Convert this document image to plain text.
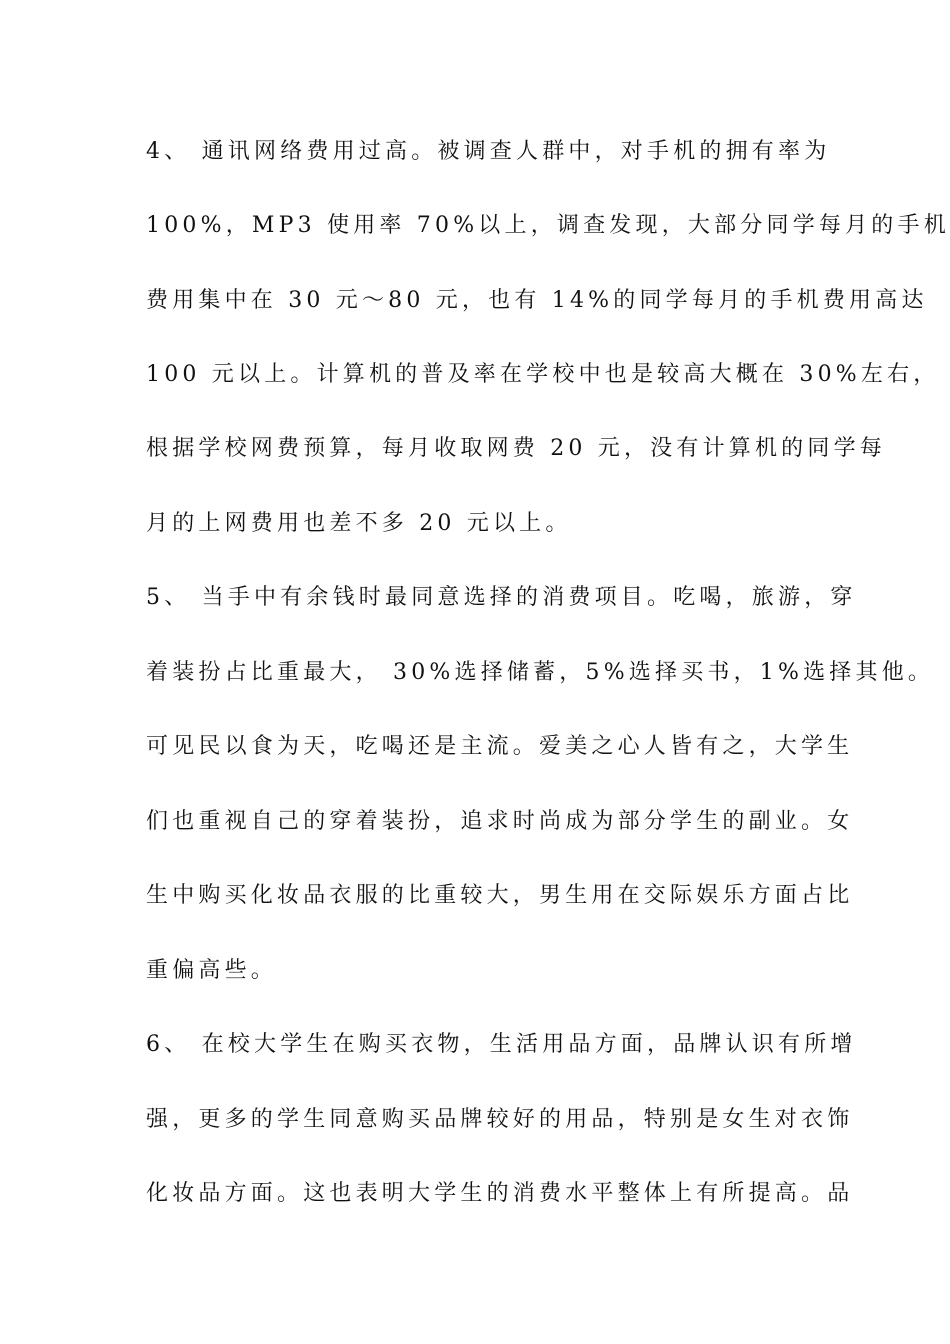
4、 通讯网络费用过高。被调查人群中，对手机的拥有率为
100%，MP3 使用率 70%以上，调查发现，大部分同学每月的手机
费用集中在 30 元～80 元，也有 14%的同学每月的手机费用高达
100 元以上。计算机的普及率在学校中也是较高大概在 30%左右，
根据学校网费预算，每月收取网费 20 元，没有计算机的同学每
月的上网费用也差不多 20 元以上。
5、 当手中有余钱时最同意选择的消费项目。吃喝，旅游，穿
着装扮占比重最大， 30%选择储蓄，5%选择买书，1%选择其他。
可见民以食为天，吃喝还是主流。爱美之心人皆有之，大学生
们也重视自己的穿着装扮，追求时尚成为部分学生的副业。女
生中购买化妆品衣服的比重较大，男生用在交际娱乐方面占比
重偏高些。
6、 在校大学生在购买衣物，生活用品方面，品牌认识有所增
强，更多的学生同意购买品牌较好的用品，特别是女生对衣饰
化妆品方面。这也表明大学生的消费水平整体上有所提高。品
